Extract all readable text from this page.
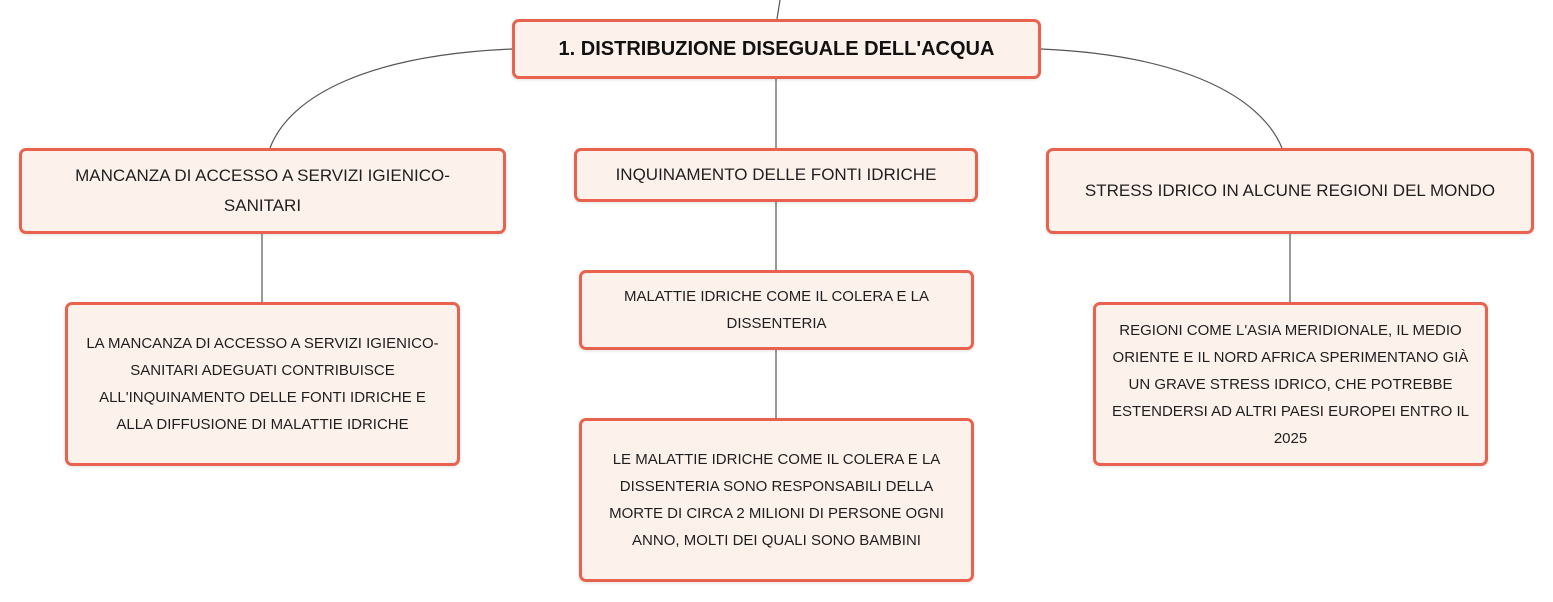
1. DISTRIBUZIONE DISEGUALE DELL'ACQUA
MANCANZA DI ACCESSO A SERVIZI IGIENICO-SANITARI
INQUINAMENTO DELLE FONTI IDRICHE
STRESS IDRICO IN ALCUNE REGIONI DEL MONDO
LA MANCANZA DI ACCESSO A SERVIZI IGIENICO-SANITARI ADEGUATI CONTRIBUISCE ALL'INQUINAMENTO DELLE FONTI IDRICHE E ALLA DIFFUSIONE DI MALATTIE IDRICHE
MALATTIE IDRICHE COME IL COLERA E LA DISSENTERIA
LE MALATTIE IDRICHE COME IL COLERA E LA DISSENTERIA SONO RESPONSABILI DELLA MORTE DI CIRCA 2 MILIONI DI PERSONE OGNI ANNO, MOLTI DEI QUALI SONO BAMBINI
REGIONI COME L'ASIA MERIDIONALE, IL MEDIO ORIENTE E IL NORD AFRICA SPERIMENTANO GIÀ UN GRAVE STRESS IDRICO, CHE POTREBBE ESTENDERSI AD ALTRI PAESI EUROPEI ENTRO IL 2025
